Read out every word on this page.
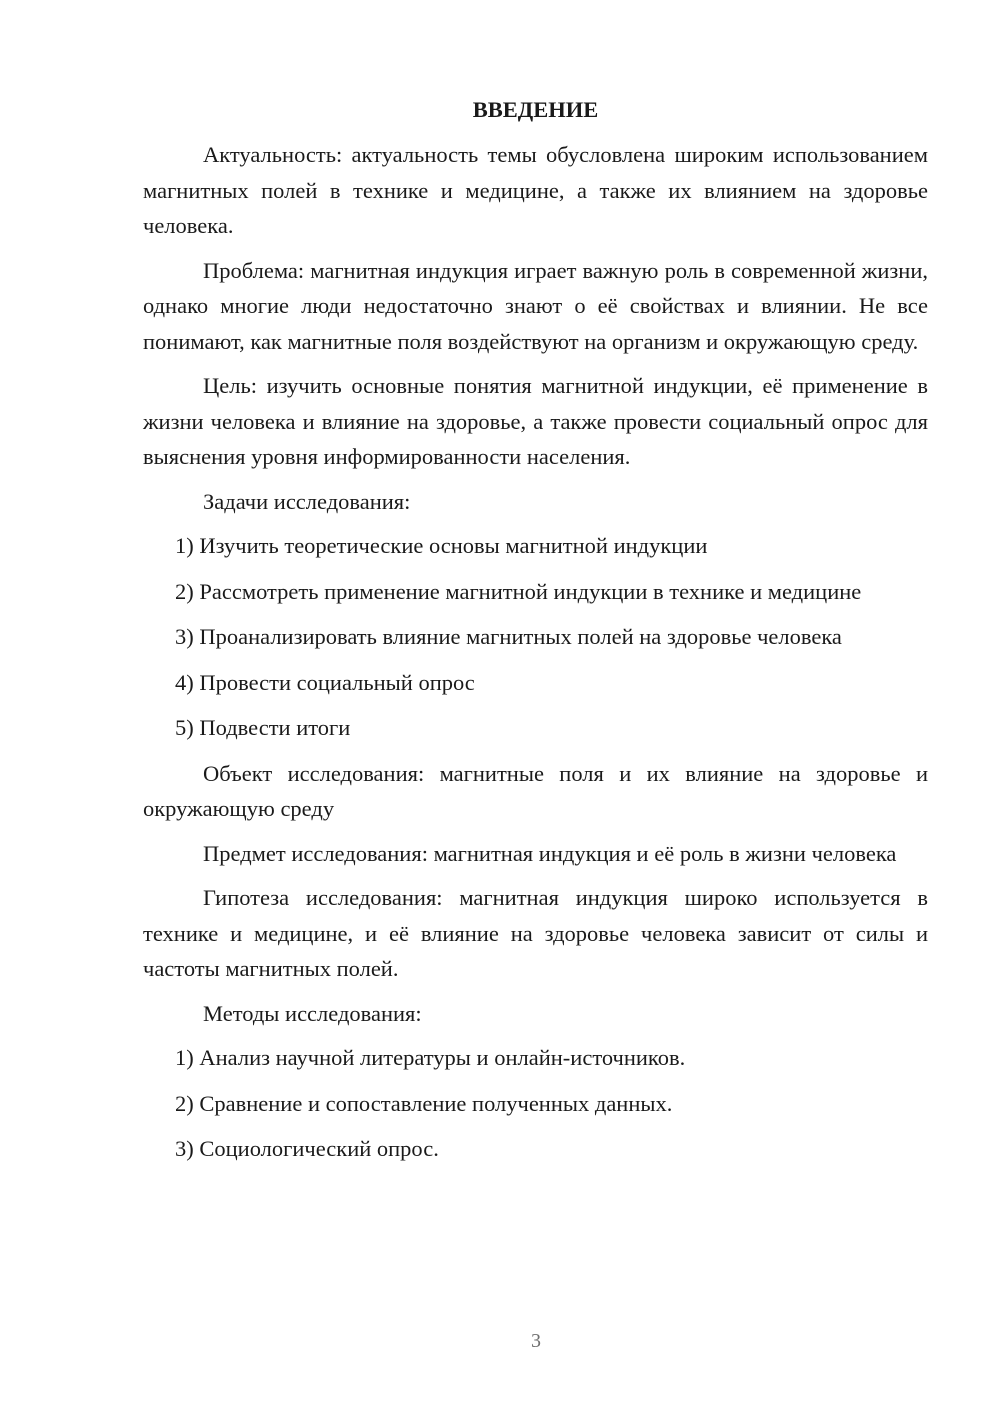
ВВЕДЕНИЕ

Актуальность: актуальность темы обусловлена широким использованием магнитных полей в технике и медицине, а также их влиянием на здоровье человека.

Проблема: магнитная индукция играет важную роль в современной жизни, однако многие люди недостаточно знают о её свойствах и влиянии. Не все понимают, как магнитные поля воздействуют на организм и окружающую среду.

Цель: изучить основные понятия магнитной индукции, её применение в жизни человека и влияние на здоровье, а также провести социальный опрос для выяснения уровня информированности населения.

Задачи исследования:

1) Изучить теоретические основы магнитной индукции
2) Рассмотреть применение магнитной индукции в технике и медицине
3) Проанализировать влияние магнитных полей на здоровье человека
4) Провести социальный опрос
5) Подвести итоги

Объект исследования: магнитные поля и их влияние на здоровье и окружающую среду

Предмет исследования: магнитная индукция и её роль в жизни человека

Гипотеза исследования: магнитная индукция широко используется в технике и медицине, и её влияние на здоровье человека зависит от силы и частоты магнитных полей.

Методы исследования:

1) Анализ научной литературы и онлайн-источников.
2) Сравнение и сопоставление полученных данных.
3) Социологический опрос.
3
